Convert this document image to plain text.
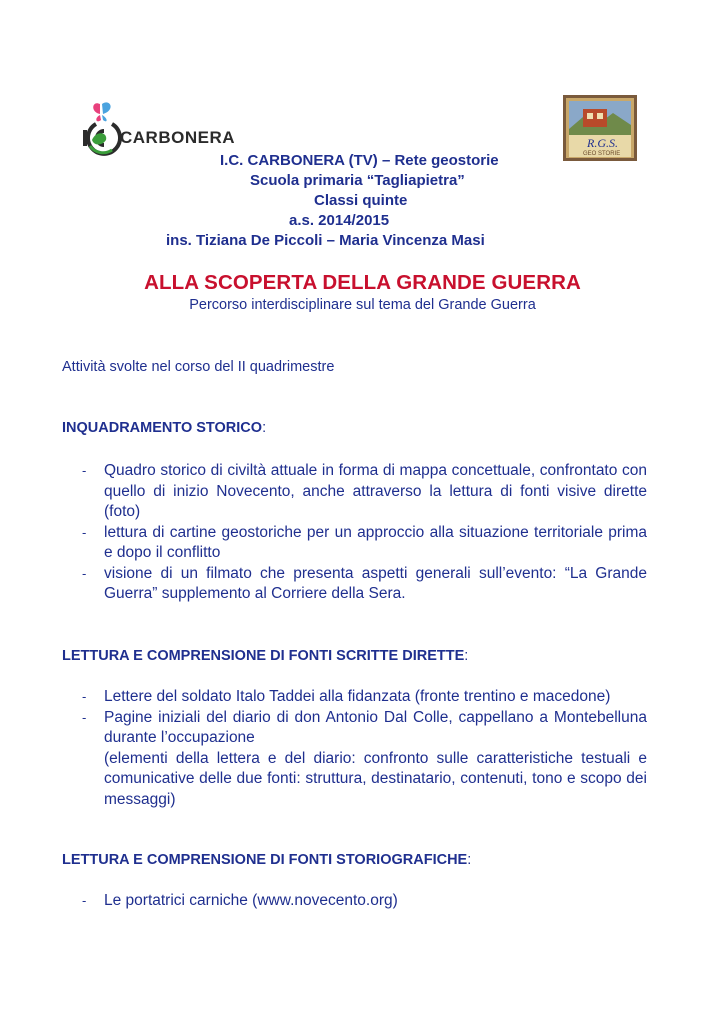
CARBONERA	R.G.S.
GEO STORIE
I.C. CARBONERA (TV) – Rete geostorie
Scuola primaria “Tagliapietra”
Classi quinte
a.s. 2014/2015
ins. Tiziana De Piccoli – Maria Vincenza Masi
ALLA SCOPERTA DELLA GRANDE GUERRA
Percorso interdisciplinare sul tema del Grande Guerra
Attività svolte nel corso del II quadrimestre
INQUADRAMENTO STORICO:
- Quadro storico di civiltà attuale in forma di mappa concettuale, confrontato con quello di inizio Novecento, anche attraverso la lettura di fonti visive dirette (foto)
- lettura di cartine geostoriche per un approccio alla situazione territoriale prima e dopo il conflitto
- visione di un filmato che presenta aspetti generali sull’evento: “La Grande Guerra” supplemento al Corriere della Sera.
LETTURA E COMPRENSIONE DI FONTI SCRITTE DIRETTE:
- Lettere del soldato Italo Taddei alla fidanzata (fronte trentino e macedone)
- Pagine iniziali del diario di don Antonio Dal Colle, cappellano a Montebelluna durante l’occupazione
(elementi della lettera e del diario: confronto sulle caratteristiche testuali e comunicative delle due fonti: struttura, destinatario, contenuti, tono e scopo dei messaggi)
LETTURA E COMPRENSIONE DI FONTI STORIOGRAFICHE:
- Le portatrici carniche (www.novecento.org)
